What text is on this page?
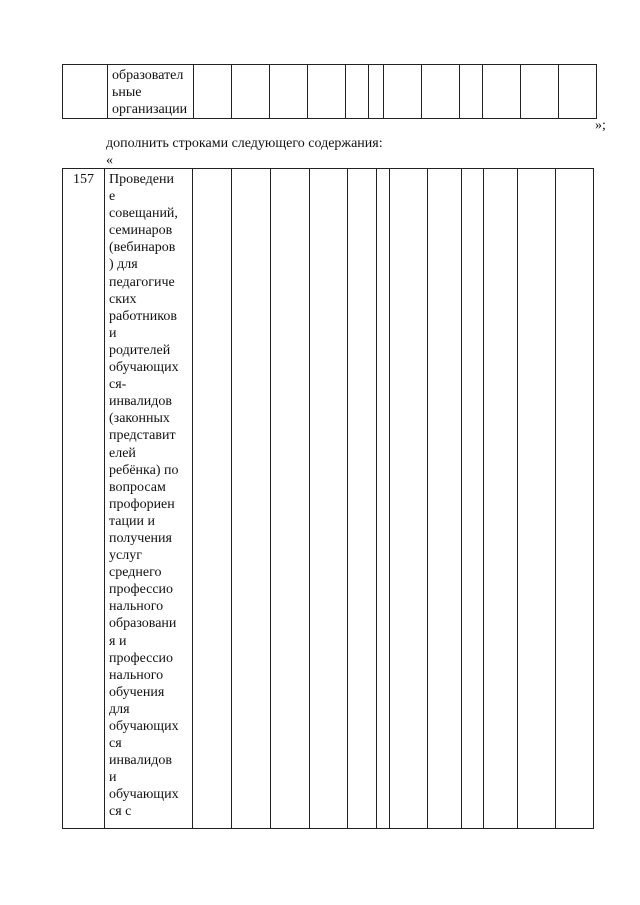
образовател
ьные
организации

»;
дополнить строками следующего содержания:
«
157	Проведени
е
совещаний,
семинаров
(вебинаров
) для
педагогиче
ских
работников
и
родителей
обучающих
ся-
инвалидов
(законных
представит
елей
ребёнка) по
вопросам
профориен
тации и
получения
услуг
среднего
профессио
нального
образовани
я и
профессио
нального
обучения
для
обучающих
ся
инвалидов
и
обучающих
ся с
